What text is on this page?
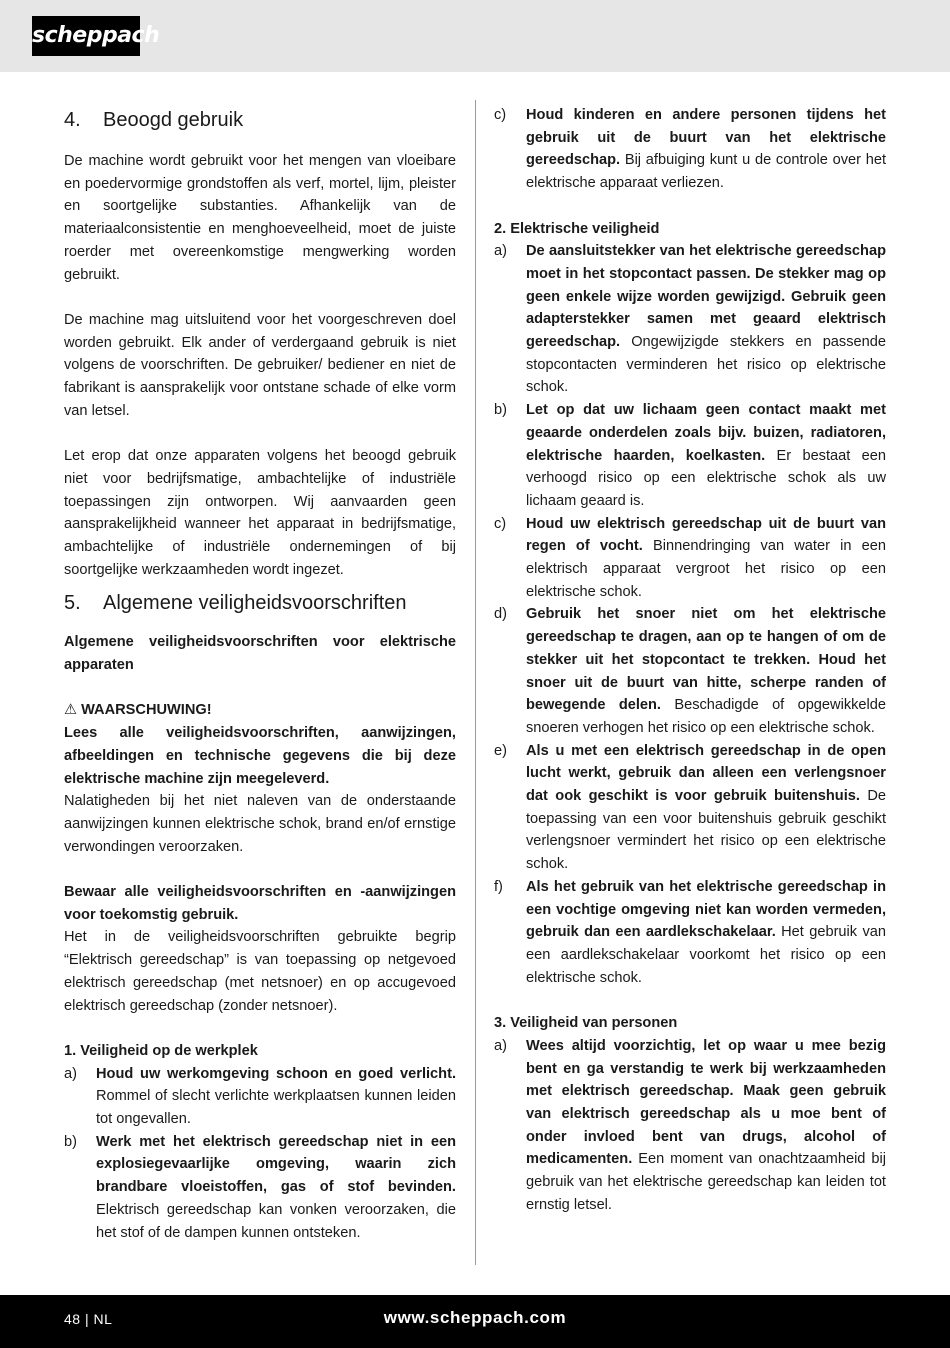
scheppach
4.	Beoogd gebruik

De machine wordt gebruikt voor het mengen van vloeibare en poedervormige grondstoffen als verf, mortel, lijm, pleister en soortgelijke substanties. Afhankelijk van de materiaalconsistentie en menghoeveelheid, moet de juiste roerder met overeenkomstige mengwerking worden gebruikt.

De machine mag uitsluitend voor het voorgeschreven doel worden gebruikt. Elk ander of verdergaand gebruik is niet volgens de voorschriften. De gebruiker/ bediener en niet de fabrikant is aansprakelijk voor ontstane schade of elke vorm van letsel.

Let erop dat onze apparaten volgens het beoogd gebruik niet voor bedrijfsmatige, ambachtelijke of industriële toepassingen zijn ontworpen. Wij aanvaarden geen aansprakelijkheid wanneer het apparaat in bedrijfsmatige, ambachtelijke of industriële ondernemingen of bij soortgelijke werkzaamheden wordt ingezet.

5.	Algemene veiligheidsvoorschriften

Algemene veiligheidsvoorschriften voor elektrische apparaten

⚠ WAARSCHUWING!

Lees alle veiligheidsvoorschriften, aanwijzingen, afbeeldingen en technische gegevens die bij deze elektrische machine zijn meegeleverd.

Nalatigheden bij het niet naleven van de onderstaande aanwijzingen kunnen elektrische schok, brand en/of ernstige verwondingen veroorzaken.

Bewaar alle veiligheidsvoorschriften en -aanwijzingen voor toekomstig gebruik.

Het in de veiligheidsvoorschriften gebruikte begrip “Elektrisch gereedschap” is van toepassing op netgevoed elektrisch gereedschap (met netsnoer) en op accugevoed elektrisch gereedschap (zonder netsnoer).

1. Veiligheid op de werkplek

a)	Houd uw werkomgeving schoon en goed verlicht. Rommel of slecht verlichte werkplaatsen kunnen leiden tot ongevallen.
b)	Werk met het elektrisch gereedschap niet in een explosiegevaarlijke omgeving, waarin zich brandbare vloeistoffen, gas of stof bevinden. Elektrisch gereedschap kan vonken veroorzaken, die het stof of de dampen kunnen ontsteken.
c)	Houd kinderen en andere personen tijdens het gebruik uit de buurt van het elektrische gereedschap. Bij afbuiging kunt u de controle over het elektrische apparaat verliezen.

2. Elektrische veiligheid

a)	De aansluitstekker van het elektrische gereedschap moet in het stopcontact passen. De stekker mag op geen enkele wijze worden gewijzigd. Gebruik geen adapterstekker samen met geaard elektrisch gereedschap. Ongewijzigde stekkers en passende stopcontacten verminderen het risico op elektrische schok.
b)	Let op dat uw lichaam geen contact maakt met geaarde onderdelen zoals bijv. buizen, radiatoren, elektrische haarden, koelkasten. Er bestaat een verhoogd risico op een elektrische schok als uw lichaam geaard is.
c)	Houd uw elektrisch gereedschap uit de buurt van regen of vocht. Binnendringing van water in een elektrisch apparaat vergroot het risico op een elektrische schok.
d)	Gebruik het snoer niet om het elektrische gereedschap te dragen, aan op te hangen of om de stekker uit het stopcontact te trekken. Houd het snoer uit de buurt van hitte, scherpe randen of bewegende delen. Beschadigde of opgewikkelde snoeren verhogen het risico op een elektrische schok.
e)	Als u met een elektrisch gereedschap in de open lucht werkt, gebruik dan alleen een verlengsnoer dat ook geschikt is voor gebruik buitenshuis. De toepassing van een voor buitenshuis gebruik geschikt verlengsnoer vermindert het risico op een elektrische schok.
f)	Als het gebruik van het elektrische gereedschap in een vochtige omgeving niet kan worden vermeden, gebruik dan een aardlekschakelaar. Het gebruik van een aardlekschakelaar voorkomt het risico op een elektrische schok.

3. Veiligheid van personen

a)	Wees altijd voorzichtig, let op waar u mee bezig bent en ga verstandig te werk bij werkzaamheden met elektrisch gereedschap. Maak geen gebruik van elektrisch gereedschap als u moe bent of onder invloed bent van drugs, alcohol of medicamenten. Een moment van onachtzaamheid bij gebruik van het elektrische gereedschap kan leiden tot ernstig letsel.
48 | NL	www.scheppach.com
